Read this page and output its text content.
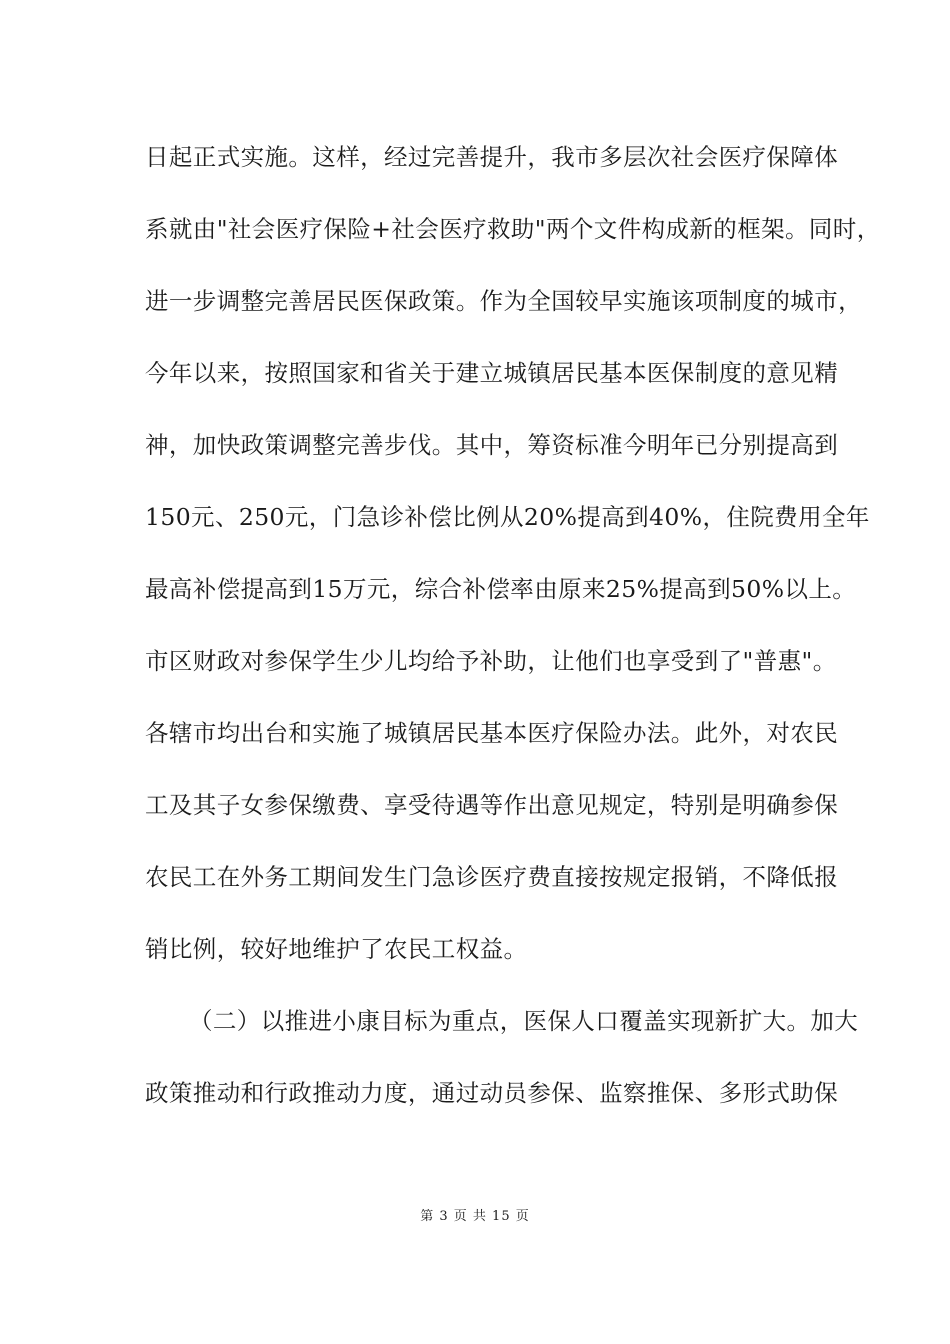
日起正式实施。这样，经过完善提升，我市多层次社会医疗保障体
系就由"社会医疗保险+社会医疗救助"两个文件构成新的框架。同时，
进一步调整完善居民医保政策。作为全国较早实施该项制度的城市，
今年以来，按照国家和省关于建立城镇居民基本医保制度的意见精
神，加快政策调整完善步伐。其中，筹资标准今明年已分别提高到
150元、250元，门急诊补偿比例从20%提高到40%，住院费用全年
最高补偿提高到15万元，综合补偿率由原来25%提高到50%以上。
市区财政对参保学生少儿均给予补助，让他们也享受到了"普惠"。
各辖市均出台和实施了城镇居民基本医疗保险办法。此外，对农民
工及其子女参保缴费、享受待遇等作出意见规定，特别是明确参保
农民工在外务工期间发生门急诊医疗费直接按规定报销，不降低报
销比例，较好地维护了农民工权益。
（二）以推进小康目标为重点，医保人口覆盖实现新扩大。加大
政策推动和行政推动力度，通过动员参保、监察推保、多形式助保
第 3 页 共 15 页
